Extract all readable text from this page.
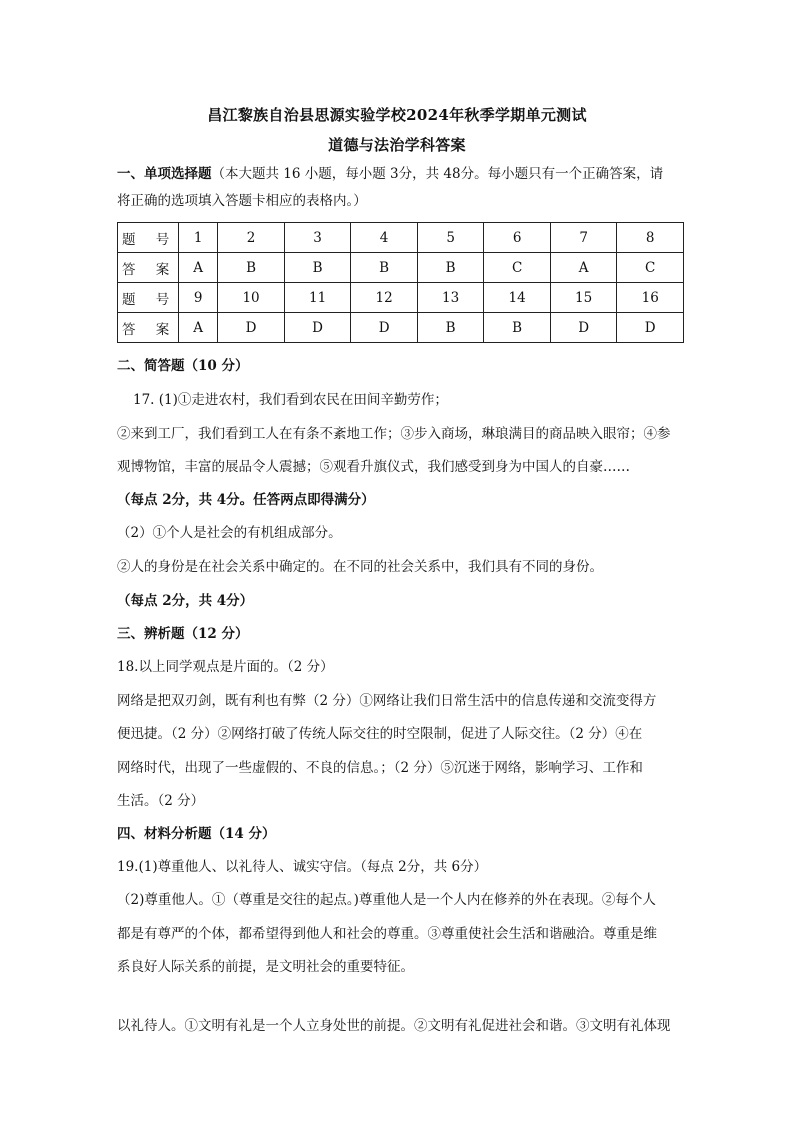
昌江黎族自治县思源实验学校2024年秋季学期单元测试
道德与法治学科答案
一、单项选择题（本大题共 16 小题，每小题 3分，共 48分。每小题只有一个正确答案，请
将正确的选项填入答题卡相应的表格内。）
题 号	1	2	3	4	5	6	7	8
答 案	A	B	B	B	B	C	A	C
题 号	9	10	11	12	13	14	15	16
答 案	A	D	D	D	B	B	D	D
二、简答题（10 分）
17. (1)①走进农村，我们看到农民在田间辛勤劳作；
②来到工厂，我们看到工人在有条不紊地工作；③步入商场，琳琅满目的商品映入眼帘；④参
观博物馆，丰富的展品令人震撼；⑤观看升旗仪式，我们感受到身为中国人的自豪……
（每点 2分，共 4分。任答两点即得满分）
（2）①个人是社会的有机组成部分。
②人的身份是在社会关系中确定的。在不同的社会关系中，我们具有不同的身份。
（每点 2分，共 4分）
三、辨析题（12 分）
18.以上同学观点是片面的。（2 分）
网络是把双刃剑，既有利也有弊（2 分）①网络让我们日常生活中的信息传递和交流变得方
便迅捷。（2 分）②网络打破了传统人际交往的时空限制，促进了人际交往。（2 分）④在
网络时代，出现了一些虚假的、不良的信息。；（2 分）⑤沉迷于网络，影响学习、工作和
生活。（2 分）
四、材料分析题（14 分）
19.(1)尊重他人、以礼待人、诚实守信。（每点 2分，共 6分）
（2)尊重他人。①（尊重是交往的起点。)尊重他人是一个人内在修养的外在表现。②每个人
都是有尊严的个体，都希望得到他人和社会的尊重。③尊重使社会生活和谐融洽。尊重是维
系良好人际关系的前提，是文明社会的重要特征。
以礼待人。①文明有礼是一个人立身处世的前提。②文明有礼促进社会和谐。③文明有礼体现
